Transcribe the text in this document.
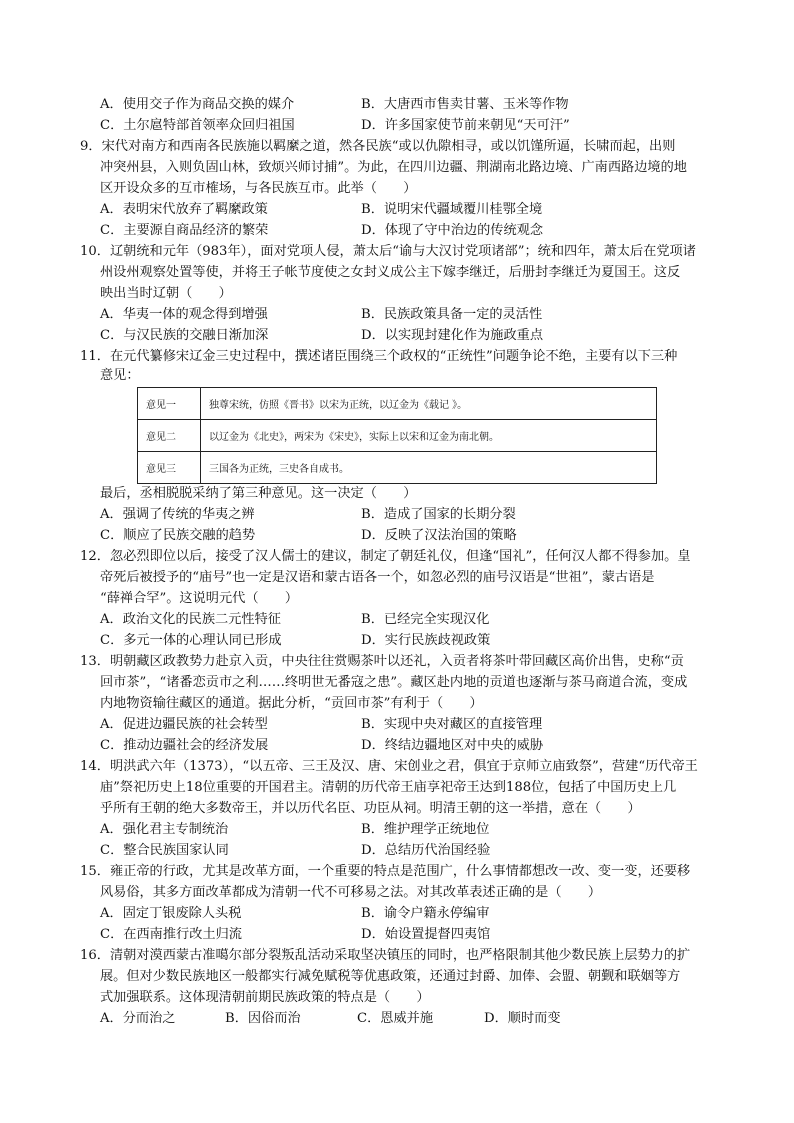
A．使用交子作为商品交换的媒介	B．大唐西市售卖甘薯、玉米等作物
C．土尔扈特部首领率众回归祖国	D．许多国家使节前来朝见“天可汗”
9．宋代对南方和西南各民族施以羁縻之道，然各民族“或以仇隙相寻，或以饥馑所逼，长啸而起，出则
冲突州县，入则负固山林，致烦兴师讨捕”。为此，在四川边疆、荆湖南北路边境、广南西路边境的地
区开设众多的互市榷场，与各民族互市。此举（　　）
A．表明宋代放弃了羁縻政策	B．说明宋代疆域覆川桂鄂全境
C．主要源自商品经济的繁荣	D．体现了守中治边的传统观念
10．辽朝统和元年（983年），面对党项人侵，萧太后“谕与大汉讨党项诸部”；统和四年，萧太后在党项诸
州设州观察处置等使，并将王子帐节度使之女封义成公主下嫁李继迁，后册封李继迁为夏国王。这反
映出当时辽朝（　　）
A．华夷一体的观念得到增强	B．民族政策具备一定的灵活性
C．与汉民族的交融日渐加深	D．以实现封建化作为施政重点
11．在元代纂修宋辽金三史过程中，撰述诸臣围绕三个政权的“正统性”问题争论不绝，主要有以下三种
意见：
意见一	独尊宋统，仿照《晋书》以宋为正统，以辽金为《载记 》。
意见二	以辽金为《北史》，两宋为《宋史》，实际上以宋和辽金为南北朝。
意见三	三国各为正统，三史各自成书。
最后，丞相脱脱采纳了第三种意见。这一决定（　　）
A．强调了传统的华夷之辨	B．造成了国家的长期分裂
C．顺应了民族交融的趋势	D．反映了汉法治国的策略
12．忽必烈即位以后，接受了汉人儒士的建议，制定了朝廷礼仪，但逢“国礼”，任何汉人都不得参加。皇
帝死后被授予的“庙号”也一定是汉语和蒙古语各一个，如忽必烈的庙号汉语是“世祖”，蒙古语是
“薛禅合罕”。这说明元代（　　）
A．政治文化的民族二元性特征	B．已经完全实现汉化
C．多元一体的心理认同已形成	D．实行民族歧视政策
13．明朝藏区政教势力赴京入贡，中央往往赏赐茶叶以还礼，入贡者将茶叶带回藏区高价出售，史称“贡
回市茶”，“诸番恋贡市之利……终明世无番寇之患”。藏区赴内地的贡道也逐渐与茶马商道合流，变成
内地物资输往藏区的通道。据此分析，“贡回市茶”有利于（　　）
A．促进边疆民族的社会转型	B．实现中央对藏区的直接管理
C．推动边疆社会的经济发展	D．终结边疆地区对中央的威胁
14．明洪武六年（1373），“以五帝、三王及汉、唐、宋创业之君，俱宜于京师立庙致祭”，营建“历代帝王
庙”祭祀历史上18位重要的开国君主。清朝的历代帝王庙享祀帝王达到188位，包括了中国历史上几
乎所有王朝的绝大多数帝王，并以历代名臣、功臣从祠。明清王朝的这一举措，意在（　　）
A．强化君主专制统治	B．维护理学正统地位
C．整合民族国家认同	D．总结历代治国经验
15．雍正帝的行政，尤其是改革方面，一个重要的特点是范围广，什么事情都想改一改、变一变，还要移
风易俗，其多方面改革都成为清朝一代不可移易之法。对其改革表述正确的是（　　）
A．固定丁银废除人头税	B．谕令户籍永停编审
C．在西南推行改土归流	D．始设置提督四夷馆
16．清朝对漠西蒙古准噶尔部分裂叛乱活动采取坚决镇压的同时，也严格限制其他少数民族上层势力的扩
展。但对少数民族地区一般都实行减免赋税等优惠政策，还通过封爵、加俸、会盟、朝觐和联姻等方
式加强联系。这体现清朝前期民族政策的特点是（　　）
A．分而治之	B．因俗而治	C．恩威并施	D．顺时而变
